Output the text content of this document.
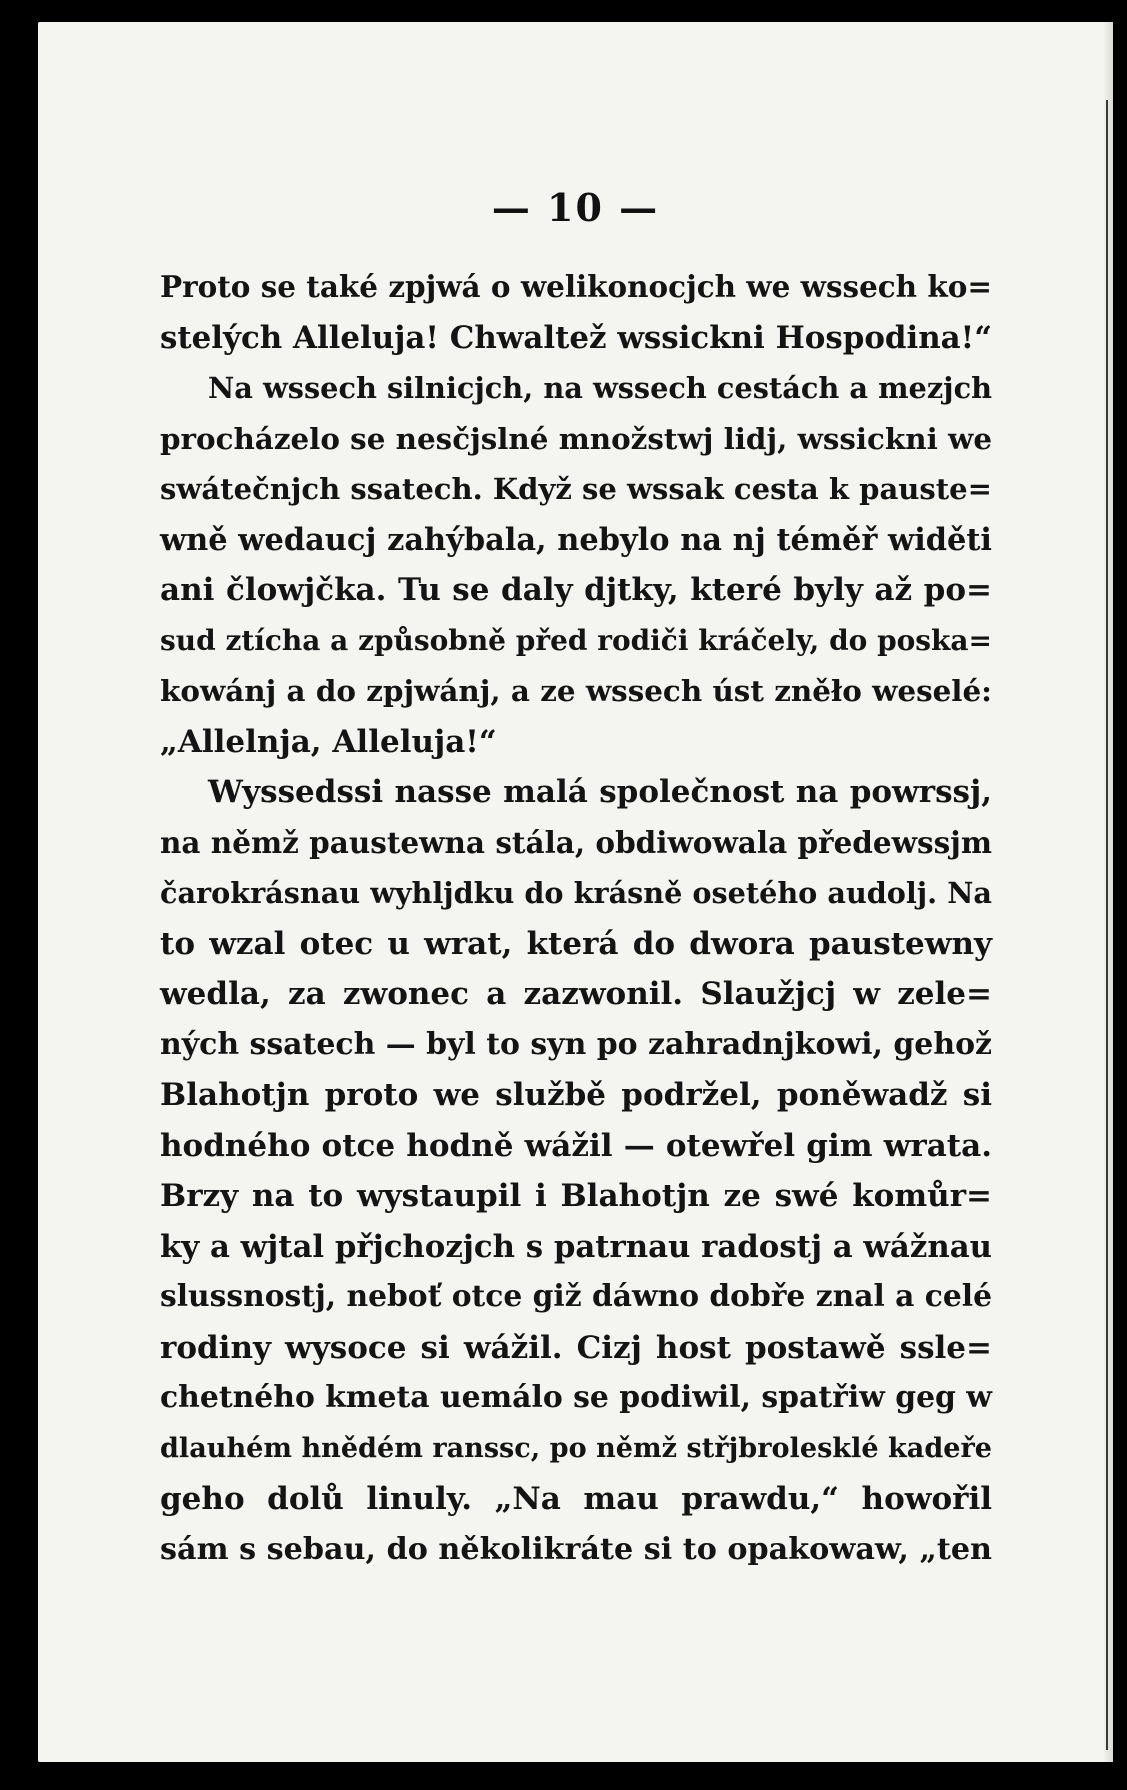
— 10 —
Proto se také zpjwá o welikonocjch we wssech ko=
stelých Alleluja! Chwaltež wssickni Hospodina!“
Na wssech silnicjch, na wssech cestách a mezjch
procházelo se nesčjslné množstwj lidj, wssickni we
swátečnjch ssatech. Když se wssak cesta k pauste=
wně wedaucj zahýbala, nebylo na nj téměř widěti
ani člowjčka. Tu se daly djtky, které byly až po=
sud ztícha a způsobně před rodiči kráčely, do poska=
kowánj a do zpjwánj, a ze wssech úst zněło weselé:
„Allelnja, Alleluja!“
Wyssedssi nasse malá společnost na powrssj,
na němž paustewna stála, obdiwowala předewssjm
čarokrásnau wyhljdku do krásně osetého audolj. Na
to wzal otec u wrat, která do dwora paustewny
wedla, za zwonec a zazwonil. Slaužjcj w zele=
ných ssatech — byl to syn po zahradnjkowi, gehož
Blahotjn proto we službě podržel, poněwadž si
hodného otce hodně wážil — otewřel gim wrata.
Brzy na to wystaupil i Blahotjn ze swé komůr=
ky a wjtal přjchozjch s patrnau radostj a wážnau
slussnostj, neboť otce giž dáwno dobře znal a celé
rodiny wysoce si wážil. Cizj host postawě ssle=
chetného kmeta uemálo se podiwil, spatřiw geg w
dlauhém hnědém ranssc, po němž střjbrolesklé kadeře
geho dolů linuly. „Na mau prawdu,“ howořil
sám s sebau, do několikráte si to opakowaw, „ten
